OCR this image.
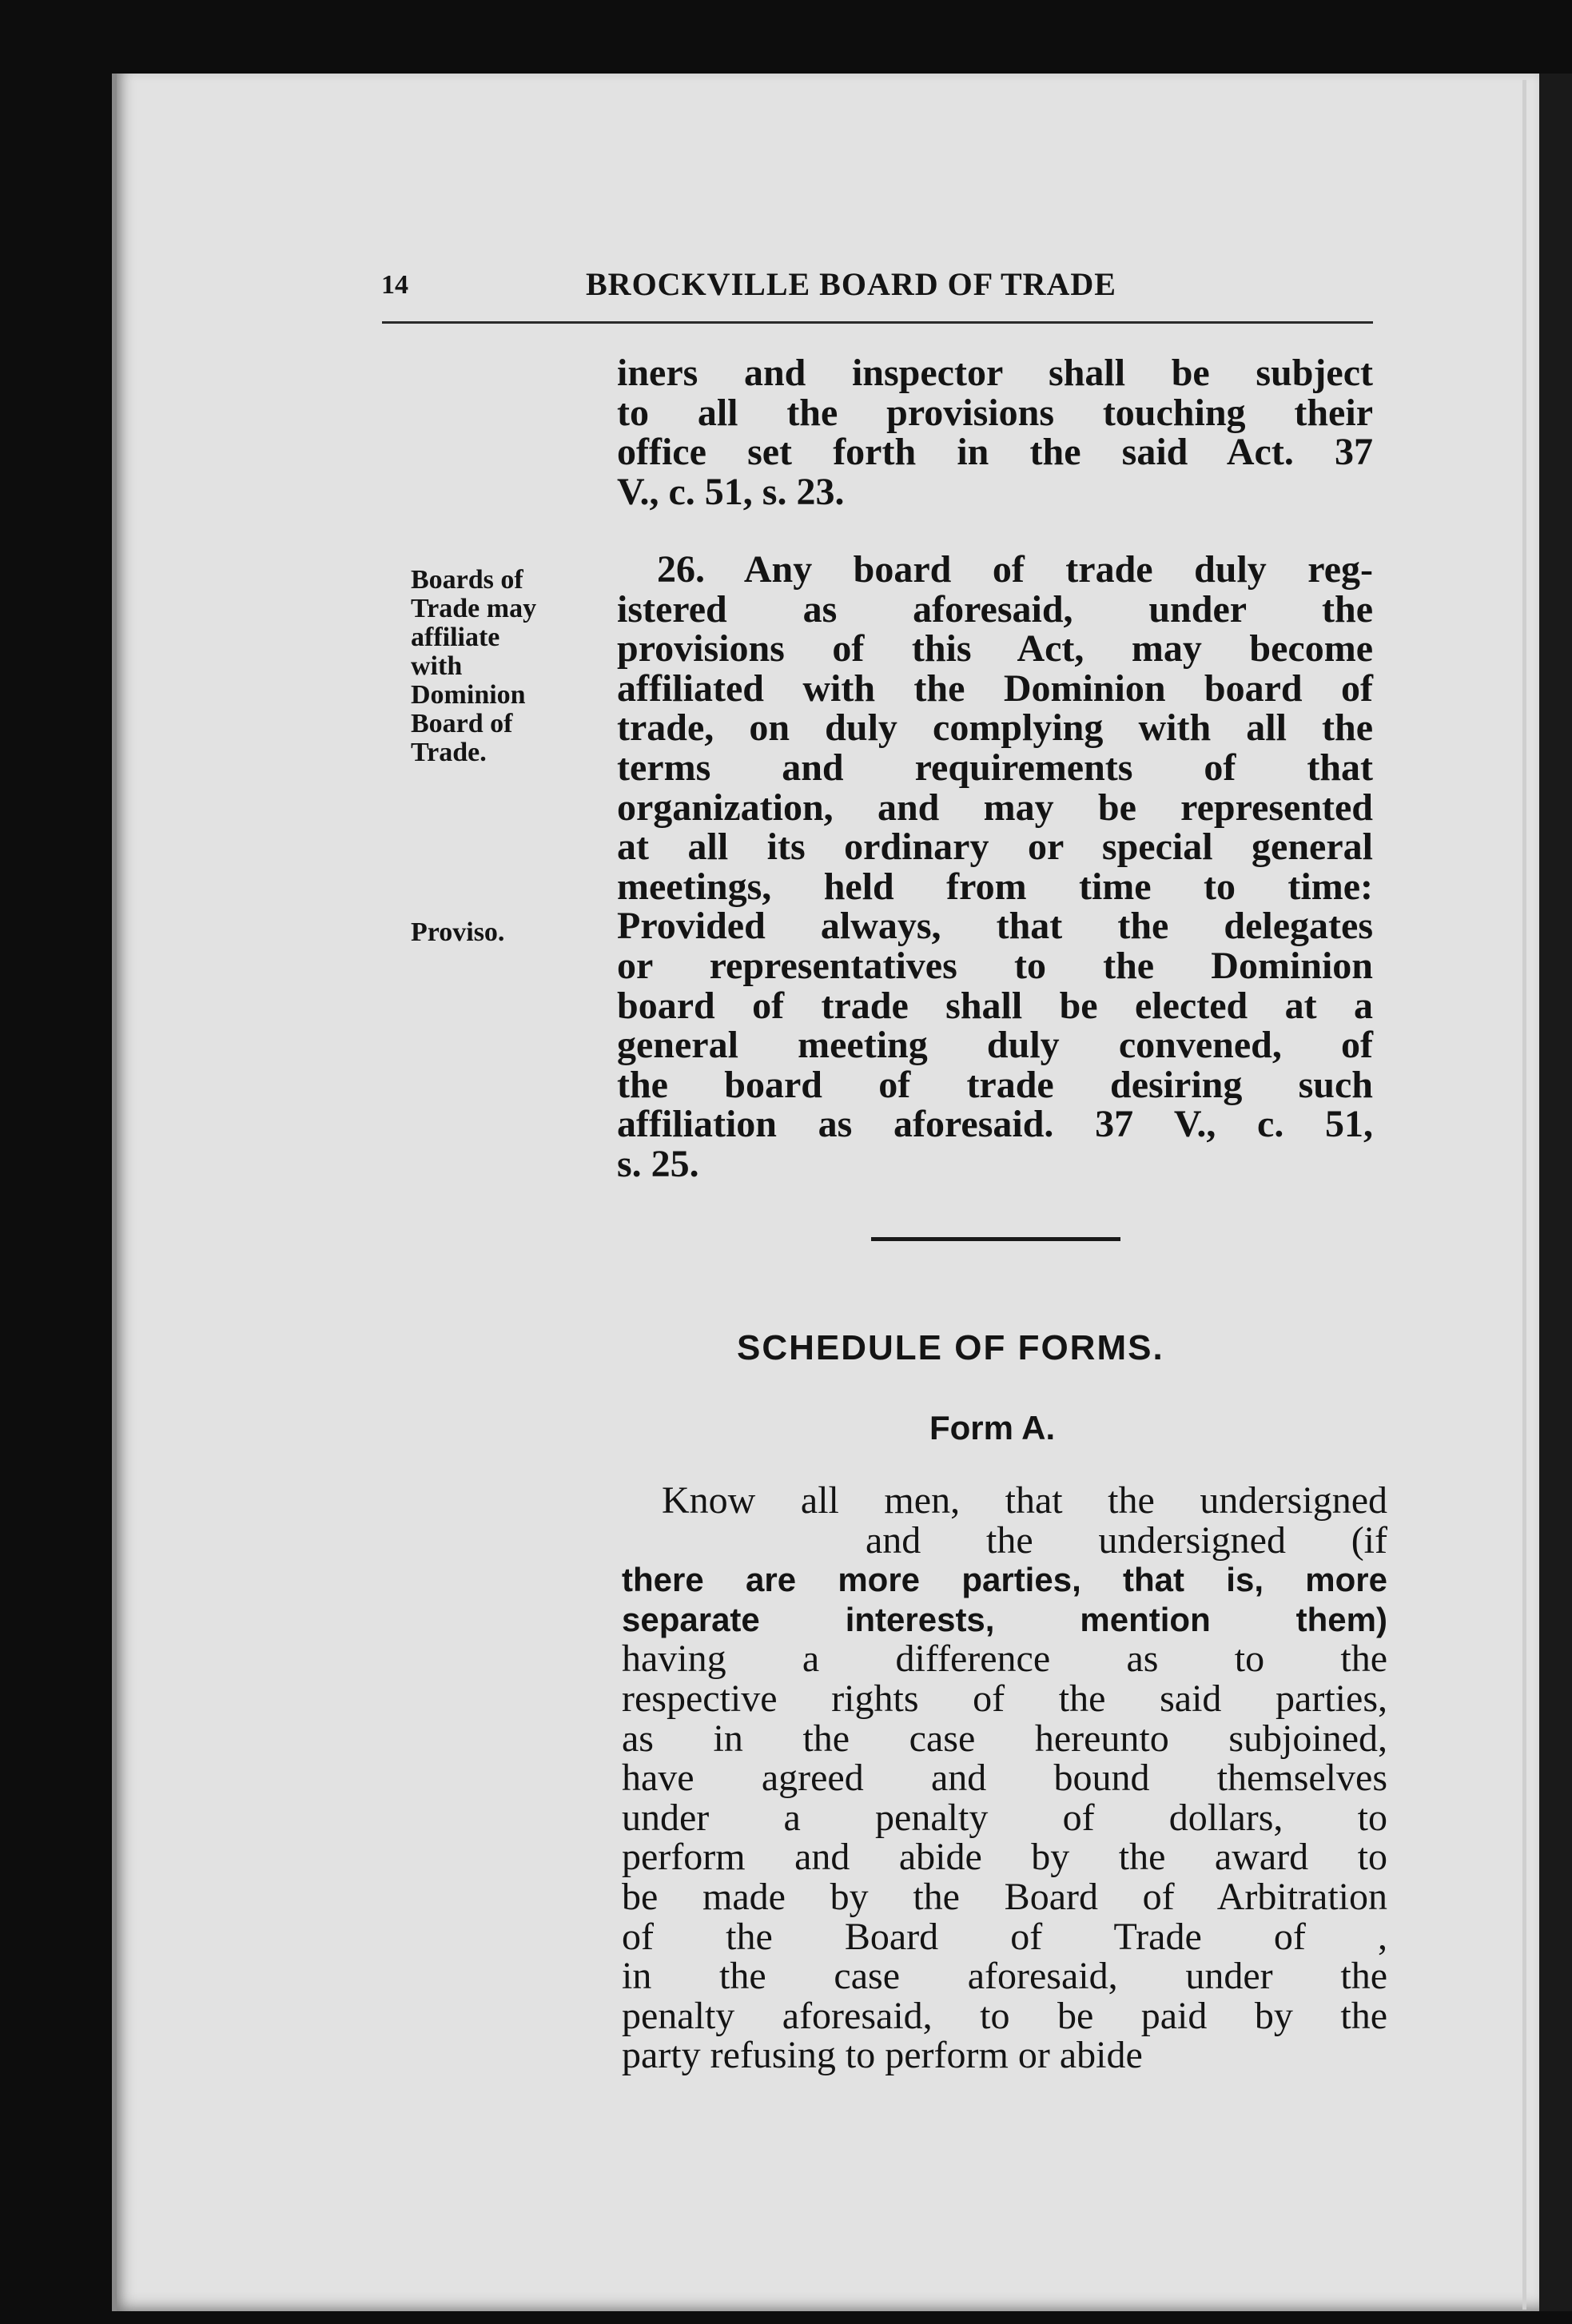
14	BROCKVILLE BOARD OF TRADE
iners and inspector shall be subject
to all the provisions touching their
office set forth in the said Act. 37
V., c. 51, s. 23.
Boards of
Trade may
affiliate
with
Dominion
Board of
Trade.
Proviso.
26. Any board of trade duly reg-
istered as aforesaid, under the
provisions of this Act, may become
affiliated with the Dominion board of
trade, on duly complying with all the
terms and requirements of that
organization, and may be represented
at all its ordinary or special general
meetings, held from time to time:
Provided always, that the delegates
or representatives to the Dominion
board of trade shall be elected at a
general meeting duly convened, of
the board of trade desiring such
affiliation as aforesaid. 37 V., c. 51,
s. 25.
SCHEDULE OF FORMS.
Form A.
Know all men, that the undersigned
and the undersigned (if
there are more parties, that is, more
separate interests, mention them)
having a difference as to the
respective rights of the said parties,
as in the case hereunto subjoined,
have agreed and bound themselves
under a penalty of dollars, to
perform and abide by the award to
be made by the Board of Arbitration
of the Board of Trade of ,
in the case aforesaid, under the
penalty aforesaid, to be paid by the
party refusing to perform or abide
